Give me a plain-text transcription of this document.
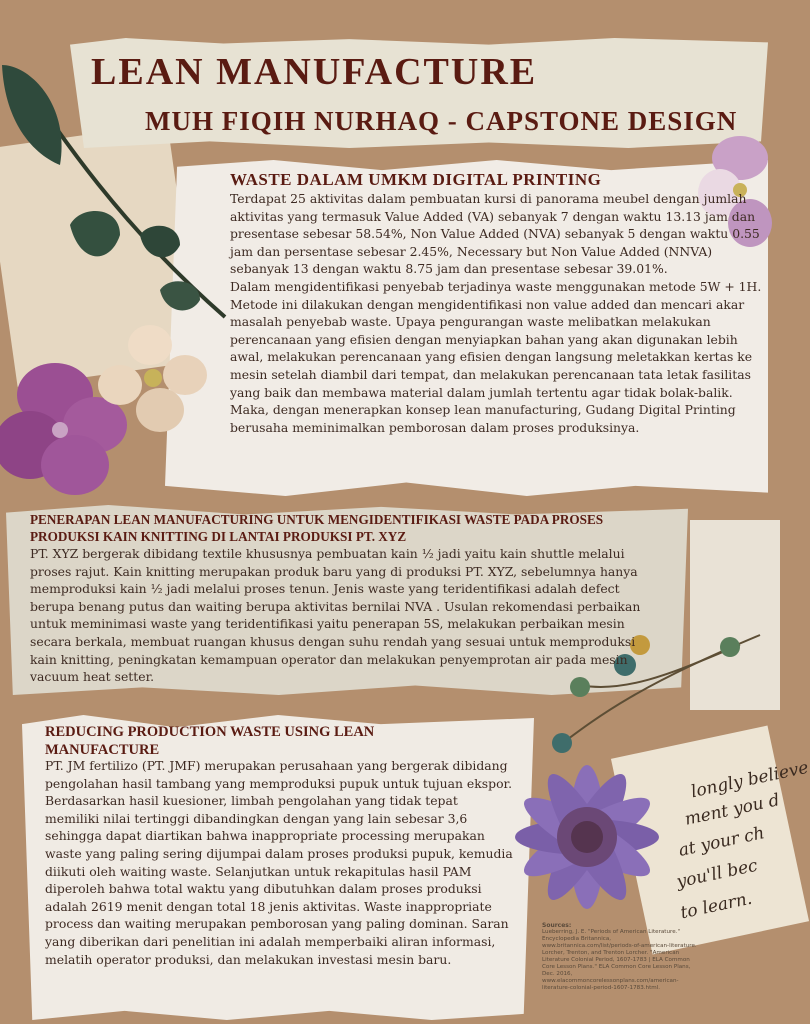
longly believe
ment you d
at your ch
you'll bec
to learn.
LEAN MANUFACTURE
MUH FIQIH NURHAQ - CAPSTONE DESIGN
WASTE DALAM UMKM DIGITAL PRINTING

Terdapat 25 aktivitas dalam pembuatan kursi di panorama meubel dengan jumlah aktivitas yang termasuk Value Added (VA) sebanyak 7 dengan waktu 13.13 jam dan presentase sebesar 58.54%, Non Value Added (NVA) sebanyak 5 dengan waktu 0.55 jam dan persentase sebesar 2.45%, Necessary but Non Value Added (NNVA) sebanyak 13 dengan waktu 8.75 jam dan presentase sebesar 39.01%.

Dalam mengidentifikasi penyebab terjadinya waste menggunakan metode 5W + 1H. Metode ini dilakukan dengan mengidentifikasi non value added dan mencari akar masalah penyebab waste. Upaya pengurangan waste melibatkan melakukan perencanaan yang efisien dengan menyiapkan bahan yang akan digunakan lebih awal, melakukan perencanaan yang efisien dengan langsung meletakkan kertas ke mesin setelah diambil dari tempat, dan melakukan perencanaan tata letak fasilitas yang baik dan membawa material dalam jumlah tertentu agar tidak bolak-balik. Maka, dengan menerapkan konsep lean manufacturing, Gudang Digital Printing berusaha meminimalkan pemborosan dalam proses produksinya.

PENERAPAN LEAN MANUFACTURING UNTUK MENGIDENTIFIKASI WASTE PADA PROSES PRODUKSI KAIN KNITTING DI LANTAI PRODUKSI PT. XYZ

PT. XYZ bergerak dibidang textile khususnya pembuatan kain ½ jadi yaitu kain shuttle melalui proses rajut. Kain knitting merupakan produk baru yang di produksi PT. XYZ, sebelumnya hanya memproduksi kain ½ jadi melalui proses tenun. Jenis waste yang teridentifikasi adalah defect berupa benang putus dan waiting berupa aktivitas bernilai NVA . Usulan rekomendasi perbaikan untuk meminimasi waste yang teridentifikasi yaitu penerapan 5S, melakukan perbaikan mesin secara berkala, membuat ruangan khusus dengan suhu rendah yang sesuai untuk memproduksi kain knitting, peningkatan kemampuan operator dan melakukan penyemprotan air pada mesin vacuum heat setter.

REDUCING PRODUCTION WASTE USING LEAN MANUFACTURE

PT. JM fertilizo (PT. JMF) merupakan perusahaan yang bergerak dibidang pengolahan hasil tambang yang memproduksi pupuk untuk tujuan ekspor.

Berdasarkan hasil kuesioner, limbah pengolahan yang tidak tepat memiliki nilai tertinggi dibandingkan dengan yang lain sebesar 3,6 sehingga dapat diartikan bahwa inappropriate processing merupakan waste yang paling sering dijumpai dalam proses produksi pupuk, kemudia diikuti oleh waiting waste. Selanjutkan untuk rekapitulas hasil PAM diperoleh bahwa total waktu yang dibutuhkan dalam proses produksi adalah 2619 menit dengan total 18 jenis aktivitas. Waste inappropriate process dan waiting merupakan pemborosan yang paling dominan. Saran yang diberikan dari penelitian ini adalah memperbaiki aliran informasi, melatih operator produksi, dan melakukan investasi mesin baru.

Sources:
Lueberring, J. E. "Periods of American Literature." Encyclopedia Britannica, www.britannica.com/list/periods-of-american-literature.
Lorcher, Trenton, and Trenton Lorcher. "American Literature Colonial Period, 1607-1783 | ELA Common Core Lesson Plans." ELA Common Core Lesson Plans, Dec. 2016, www.elacommoncorelessonplans.com/american-literature-colonial-period-1607-1783.html.
